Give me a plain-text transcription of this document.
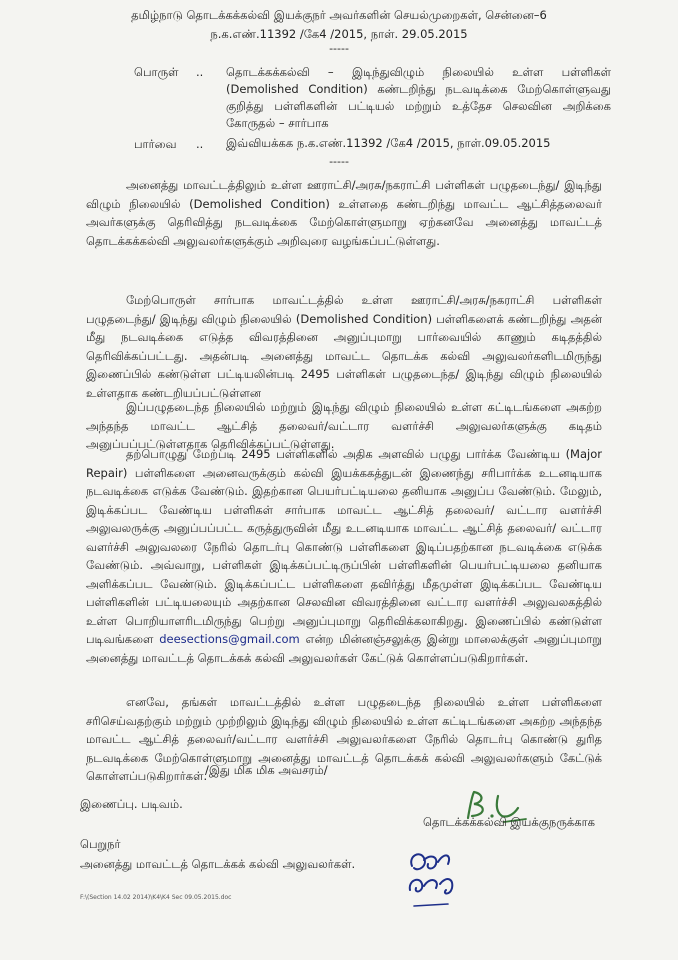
தமிழ்நாடு தொடக்கக்கல்வி இயக்குநர் அவர்களின் செயல்முறைகள், சென்னை–6
ந.க.எண்.11392 /கே4 /2015, நாள். 29.05.2015
-----
பொருள் .. தொடக்கக்கல்வி – இடிந்துவிழும் நிலையில் உள்ள பள்ளிகள் (Demolished Condition) கண்டறிந்து நடவடிக்கை மேற்கொள்ளுவது குறித்து பள்ளிகளின் பட்டியல் மற்றும் உத்தேச செலவின அறிக்கை கோருதல் – சார்பாக
பார்வை .. இவ்வியக்கக ந.க.எண்.11392 /கே4 /2015, நாள்.09.05.2015
-----
அனைத்து மாவட்டத்திலும் உள்ள ஊராட்சி/அரசு/நகராட்சி பள்ளிகள் பழுதடைந்து/ இடிந்து விழும் நிலையில் (Demolished Condition) உள்ளதை கண்டறிந்து மாவட்ட ஆட்சித்தலைவர் அவர்களுக்கு தெரிவித்து நடவடிக்கை மேற்கொள்ளுமாறு ஏற்கனவே அனைத்து மாவட்டத் தொடக்கக்கல்வி அலுவலர்களுக்கும் அறிவுரை வழங்கப்பட்டுள்ளது.
மேற்பொருள் சார்பாக மாவட்டத்தில் உள்ள ஊராட்சி/அரசு/நகராட்சி பள்ளிகள் பழுதடைந்து/ இடிந்து விழும் நிலையில் (Demolished Condition) பள்ளிகளைக் கண்டறிந்து அதன் மீது நடவடிக்கை எடுத்த விவரத்தினை அனுப்புமாறு பார்வையில் காணும் கடிதத்தில் தெரிவிக்கப்பட்டது. அதன்படி அனைத்து மாவட்ட தொடக்க கல்வி அலுவலர்களிடமிருந்து இணைப்பில் கண்டுள்ள பட்டியலின்படி 2495 பள்ளிகள் பழுதடைந்த/ இடிந்து விழும் நிலையில் உள்ளதாக கண்டறியப்பட்டுள்ளன
இப்பழுதடைந்த நிலையில் மற்றும் இடிந்து விழும் நிலையில் உள்ள கட்டிடங்களை அகற்ற அந்தந்த மாவட்ட ஆட்சித் தலைவர்/வட்டார வளர்ச்சி அலுவலர்களுக்கு கடிதம் அனுப்பப்பட்டுள்ளதாக தெரிவிக்கப்பட்டுள்ளது.
தற்பொழுது மேற்படி 2495 பள்ளிகளில் அதிக அளவில் பழுது பார்க்க வேண்டிய (Major Repair) பள்ளிகளை அனைவருக்கும் கல்வி இயக்ககத்துடன் இணைந்து சரிபார்க்க உடனடியாக நடவடிக்கை எடுக்க வேண்டும். இதற்கான பெயர்பட்டியலை தனியாக அனுப்ப வேண்டும். மேலும், இடிக்கப்பட வேண்டிய பள்ளிகள் சார்பாக மாவட்ட ஆட்சித் தலைவர்/ வட்டார வளர்ச்சி அலுவலருக்கு அனுப்பப்பட்ட கருத்துருவின் மீது உடனடியாக மாவட்ட ஆட்சித் தலைவர்/ வட்டார வளர்ச்சி அலுவலரை நேரில் தொடர்பு கொண்டு பள்ளிகளை இடிப்பதற்கான நடவடிக்கை எடுக்க வேண்டும். அவ்வாறு, பள்ளிகள் இடிக்கப்பட்டிருப்பின் பள்ளிகளின் பெயர்பட்டியலை தனியாக அளிக்கப்பட வேண்டும். இடிக்கப்பட்ட பள்ளிகளை தவிர்த்து மீதமுள்ள இடிக்கப்பட வேண்டிய பள்ளிகளின் பட்டியலையும் அதற்கான செலவின விவரத்தினை வட்டார வளர்ச்சி அலுவலகத்தில் உள்ள பொறியாளரிடமிருந்து பெற்று அனுப்புமாறு தெரிவிக்கலாகிறது. இணைப்பில் கண்டுள்ள படிவங்களை deesections@gmail.com என்ற மின்னஞ்சலுக்கு இன்று மாலைக்குள் அனுப்புமாறு அனைத்து மாவட்டத் தொடக்கக் கல்வி அலுவலர்கள் கேட்டுக் கொள்ளப்படுகிறார்கள்.
எனவே, தங்கள் மாவட்டத்தில் உள்ள பழுதடைந்த நிலையில் உள்ள பள்ளிகளை சரிசெய்வதற்கும் மற்றும் முற்றிலும் இடிந்து விழும் நிலையில் உள்ள கட்டிடங்களை அகற்ற அந்தந்த மாவட்ட ஆட்சித் தலைவர்/வட்டார வளர்ச்சி அலுவலர்களை நேரில் தொடர்பு கொண்டு துரித நடவடிக்கை மேற்கொள்ளுமாறு அனைத்து மாவட்டத் தொடக்கக் கல்வி அலுவலர்களும் கேட்டுக் கொள்ளப்படுகிறார்கள்.
/இது மிக மிக அவசரம்/
இணைப்பு. படிவம்.
தொடக்கக்கல்வி இயக்குநருக்காக
பெறுநர்
அனைத்து மாவட்டத் தொடக்கக் கல்வி அலுவலர்கள்.
F:\(Section 14.02 2014)\K4\K4 Sec 09.05.2015.doc
